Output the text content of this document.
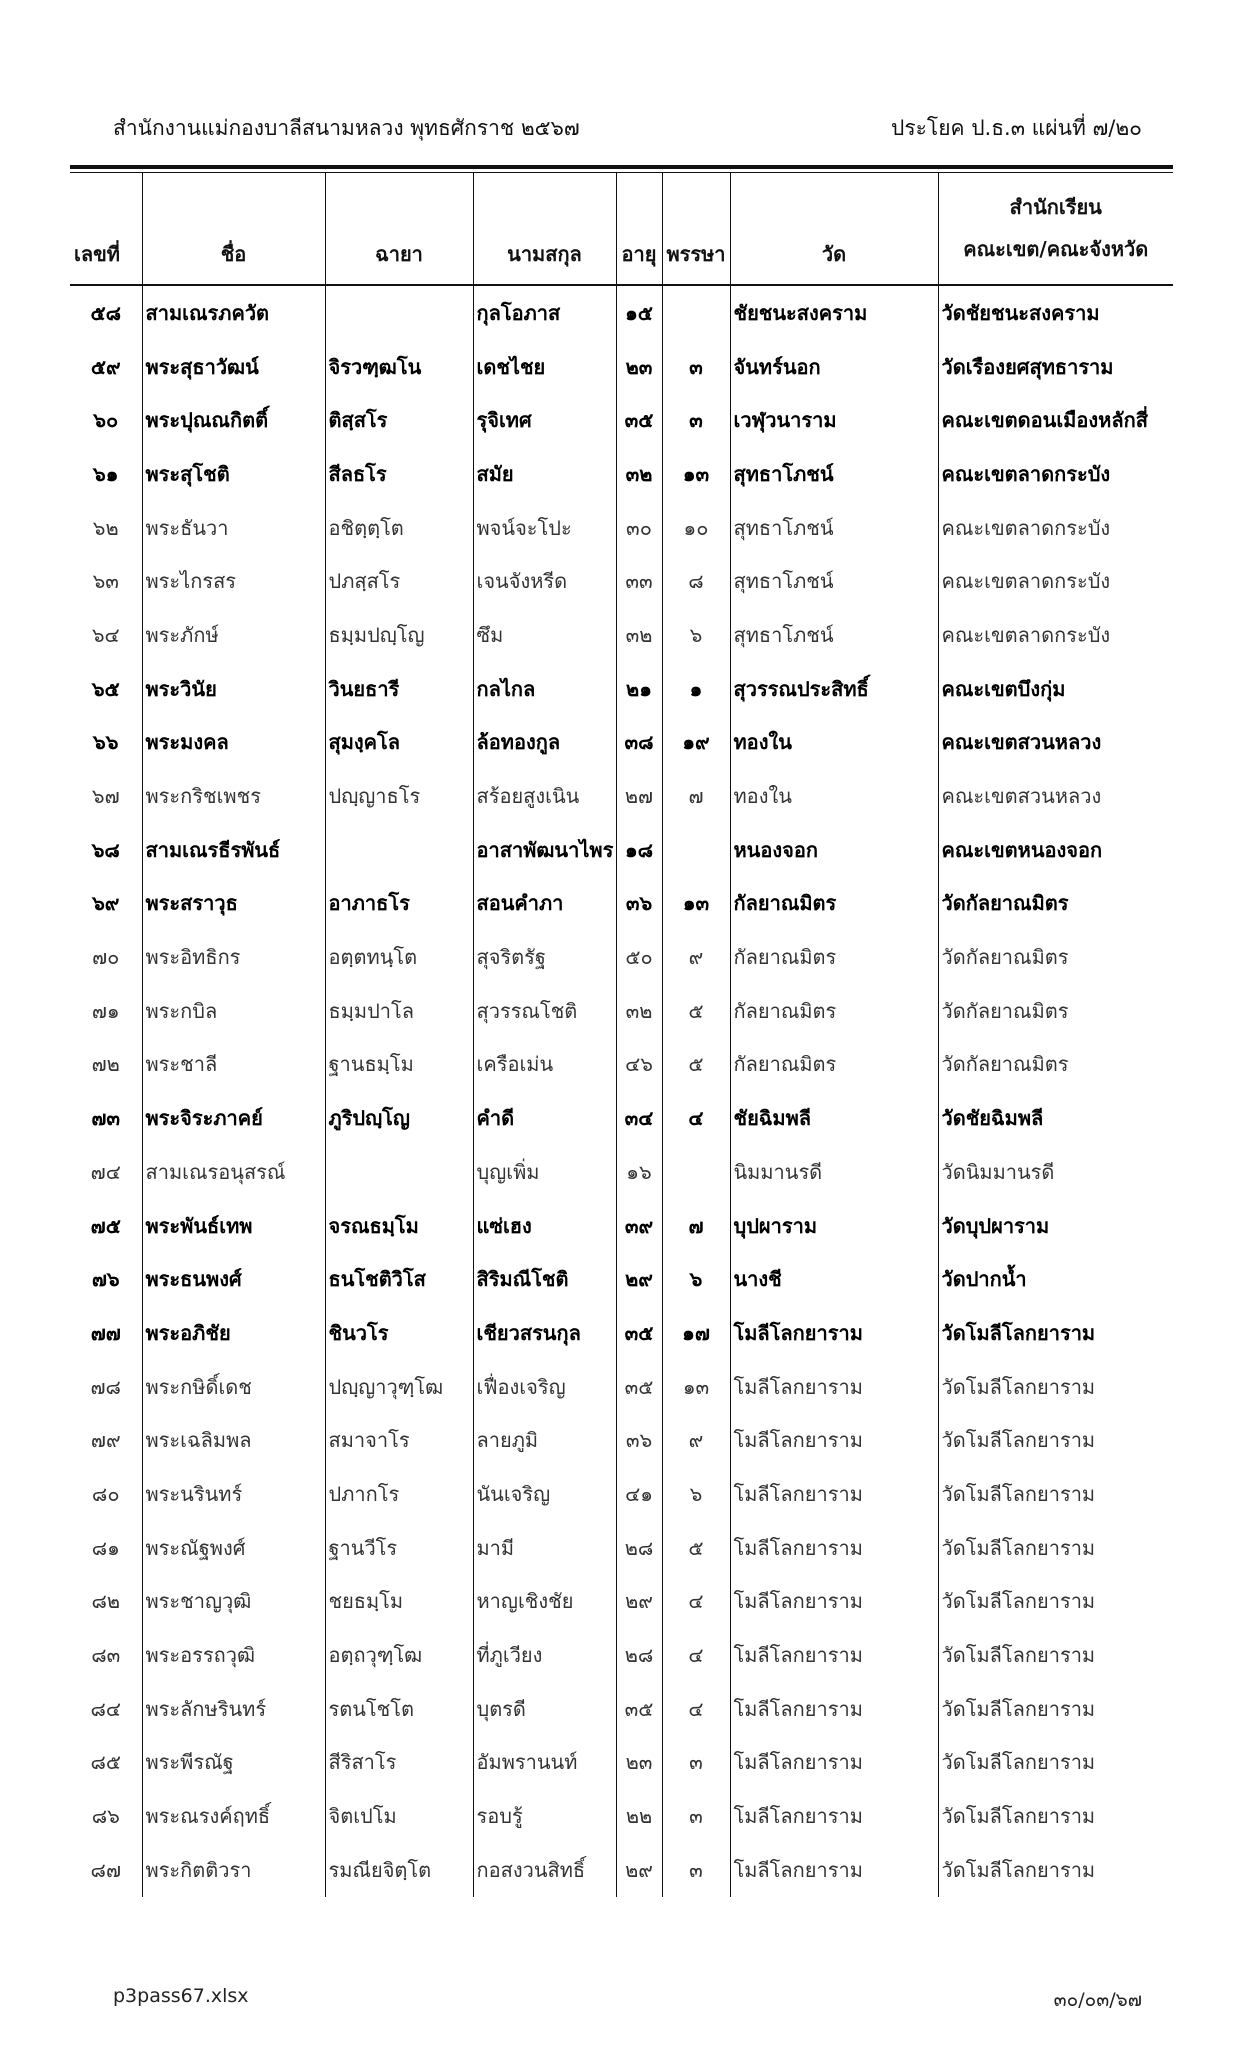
สำนักงานแม่กองบาลีสนามหลวง พุทธศักราช ๒๕๖๗	ประโยค ป.ธ.๓ แผ่นที่ ๗/๒๐
เลขที่	ชื่อ	ฉายา	นามสกุล	อายุ	พรรษา	วัด	สำนักเรียน
คณะเขต/คณะจังหวัด

๕๘	สามเณรภควัต		กุลโอภาส	๑๕		ชัยชนะสงคราม	วัดชัยชนะสงคราม
๕๙	พระสุธาวัฒน์	จิรวฑฺฒโน	เดชไชย	๒๓	๓	จันทร์นอก	วัดเรืองยศสุทธาราม
๖๐	พระปุณณกิตติ์	ติสฺสโร	รุจิเทศ	๓๕	๓	เวฬุวนาราม	คณะเขตดอนเมืองหลักสี่
๖๑	พระสุโชติ	สีลธโร	สมัย	๓๒	๑๓	สุทธาโภชน์	คณะเขตลาดกระบัง
๖๒	พระธันวา	อชิตฺตฺโต	พจน์จะโปะ	๓๐	๑๐	สุทธาโภชน์	คณะเขตลาดกระบัง
๖๓	พระไกรสร	ปภสฺสโร	เจนจังหรีด	๓๓	๘	สุทธาโภชน์	คณะเขตลาดกระบัง
๖๔	พระภักษ์	ธมฺมปญฺโญ	ซึม	๓๒	๖	สุทธาโภชน์	คณะเขตลาดกระบัง
๖๕	พระวินัย	วินยธารี	กลไกล	๒๑	๑	สุวรรณประสิทธิ์	คณะเขตบึงกุ่ม
๖๖	พระมงคล	สุมงฺคโล	ล้อทองกูล	๓๘	๑๙	ทองใน	คณะเขตสวนหลวง
๖๗	พระกริชเพชร	ปญฺญาธโร	สร้อยสูงเนิน	๒๗	๗	ทองใน	คณะเขตสวนหลวง
๖๘	สามเณรธีรพันธ์		อาสาพัฒนาไพร	๑๘		หนองจอก	คณะเขตหนองจอก
๖๙	พระสราวุธ	อาภาธโร	สอนคำภา	๓๖	๑๓	กัลยาณมิตร	วัดกัลยาณมิตร
๗๐	พระอิทธิกร	อตฺตทนฺโต	สุจริตรัฐ	๕๐	๙	กัลยาณมิตร	วัดกัลยาณมิตร
๗๑	พระกบิล	ธมฺมปาโล	สุวรรณโชติ	๓๒	๕	กัลยาณมิตร	วัดกัลยาณมิตร
๗๒	พระชาลี	ฐานธมฺโม	เครือเม่น	๔๖	๕	กัลยาณมิตร	วัดกัลยาณมิตร
๗๓	พระจิระภาคย์	ภูริปญฺโญ	คำดี	๓๔	๔	ชัยฉิมพลี	วัดชัยฉิมพลี
๗๔	สามเณรอนุสรณ์		บุญเพิ่ม	๑๖		นิมมานรดี	วัดนิมมานรดี
๗๕	พระพันธ์เทพ	จรณธมฺโม	แซ่เฮง	๓๙	๗	บุปผาราม	วัดบุปผาราม
๗๖	พระธนพงศ์	ธนโชติวิโส	สิริมณีโชติ	๒๙	๖	นางชี	วัดปากน้ำ
๗๗	พระอภิชัย	ชินวโร	เชียวสรนกุล	๓๕	๑๗	โมลีโลกยาราม	วัดโมลีโลกยาราม
๗๘	พระกษิดิ์เดช	ปญฺญาวุฑฺโฒ	เฟื่องเจริญ	๓๕	๑๓	โมลีโลกยาราม	วัดโมลีโลกยาราม
๗๙	พระเฉลิมพล	สมาจาโร	ลายภูมิ	๓๖	๙	โมลีโลกยาราม	วัดโมลีโลกยาราม
๘๐	พระนรินทร์	ปภากโร	นันเจริญ	๔๑	๖	โมลีโลกยาราม	วัดโมลีโลกยาราม
๘๑	พระณัฐพงศ์	ฐานวีโร	มามี	๒๘	๕	โมลีโลกยาราม	วัดโมลีโลกยาราม
๘๒	พระชาญวุฒิ	ชยธมฺโม	หาญเชิงชัย	๒๙	๔	โมลีโลกยาราม	วัดโมลีโลกยาราม
๘๓	พระอรรถวุฒิ	อตฺถวุฑฺโฒ	ที่ภูเวียง	๒๘	๔	โมลีโลกยาราม	วัดโมลีโลกยาราม
๘๔	พระลักษรินทร์	รตนโชโต	บุตรดี	๓๕	๔	โมลีโลกยาราม	วัดโมลีโลกยาราม
๘๕	พระพีรณัฐ	สีริสาโร	อัมพรานนท์	๒๓	๓	โมลีโลกยาราม	วัดโมลีโลกยาราม
๘๖	พระณรงค์ฤทธิ์	จิตเปโม	รอบรู้	๒๒	๓	โมลีโลกยาราม	วัดโมลีโลกยาราม
๘๗	พระกิตติวรา	รมณียจิตฺโต	กอสงวนสิทธิ์	๒๙	๓	โมลีโลกยาราม	วัดโมลีโลกยาราม
p3pass67.xlsx	๓๐/๐๓/๖๗
